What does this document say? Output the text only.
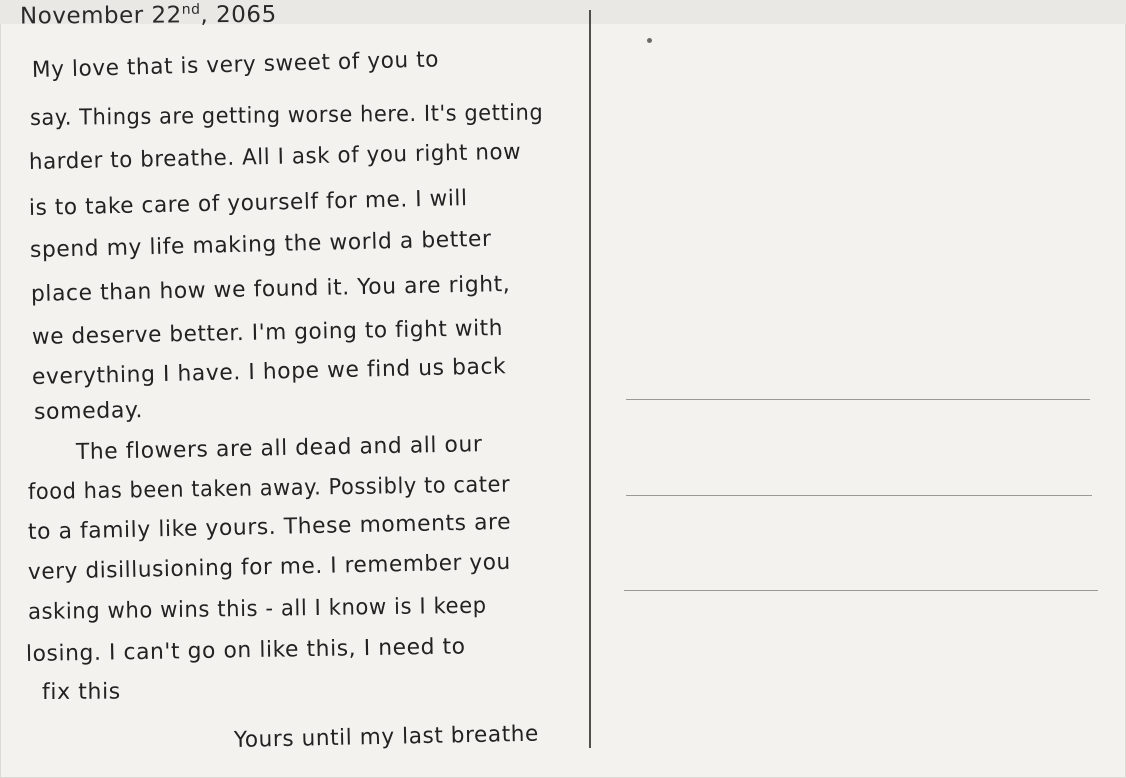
November 22nd, 2065
My love that is very sweet of you to
say. Things are getting worse here. It's getting
harder to breathe. All I ask of you right now
is to take care of yourself for me. I will
spend my life making the world a better
place than how we found it. You are right,
we deserve better. I'm going to fight with
everything I have. I hope we find us back
someday.
The flowers are all dead and all our
food has been taken away. Possibly to cater
to a family like yours. These moments are
very disillusioning for me. I remember you
asking who wins this - all I know is I keep
losing. I can't go on like this, I need to
fix this
Yours until my last breathe
